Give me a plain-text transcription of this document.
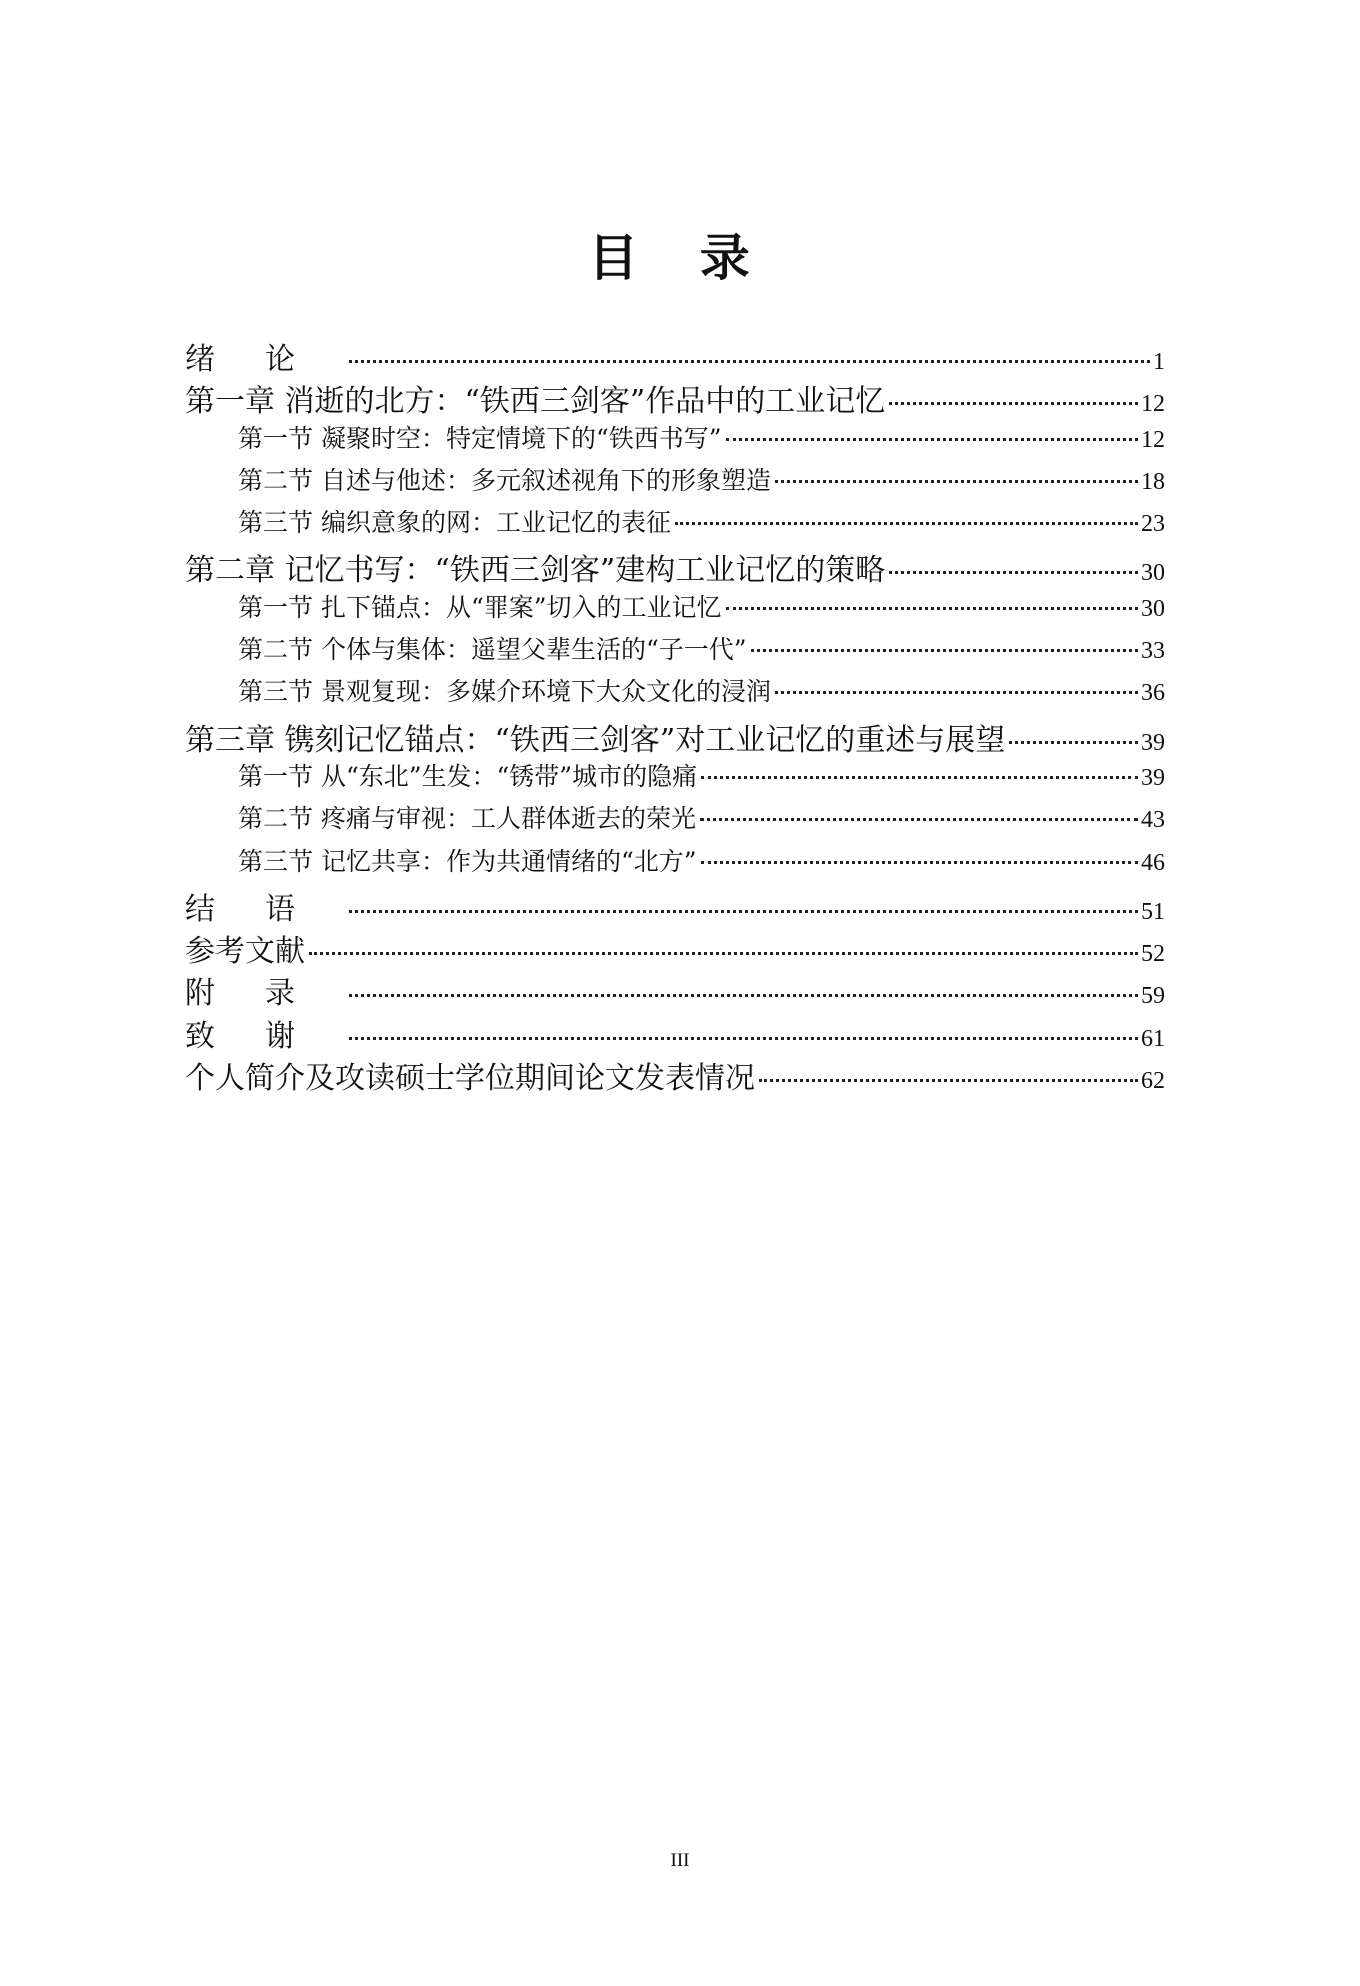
目 录
绪论	1
第一章 消逝的北方：“铁西三剑客”作品中的工业记忆	12
第一节 凝聚时空：特定情境下的“铁西书写”	12
第二节 自述与他述：多元叙述视角下的形象塑造	18
第三节 编织意象的网：工业记忆的表征	23
第二章 记忆书写：“铁西三剑客”建构工业记忆的策略	30
第一节 扎下锚点：从“罪案”切入的工业记忆	30
第二节 个体与集体：遥望父辈生活的“子一代”	33
第三节 景观复现：多媒介环境下大众文化的浸润	36
第三章 镌刻记忆锚点：“铁西三剑客”对工业记忆的重述与展望	39
第一节 从“东北”生发：“锈带”城市的隐痛	39
第二节 疼痛与审视：工人群体逝去的荣光	43
第三节 记忆共享：作为共通情绪的“北方”	46
结语	51
参考文献	52
附录	59
致谢	61
个人简介及攻读硕士学位期间论文发表情况	62
III
